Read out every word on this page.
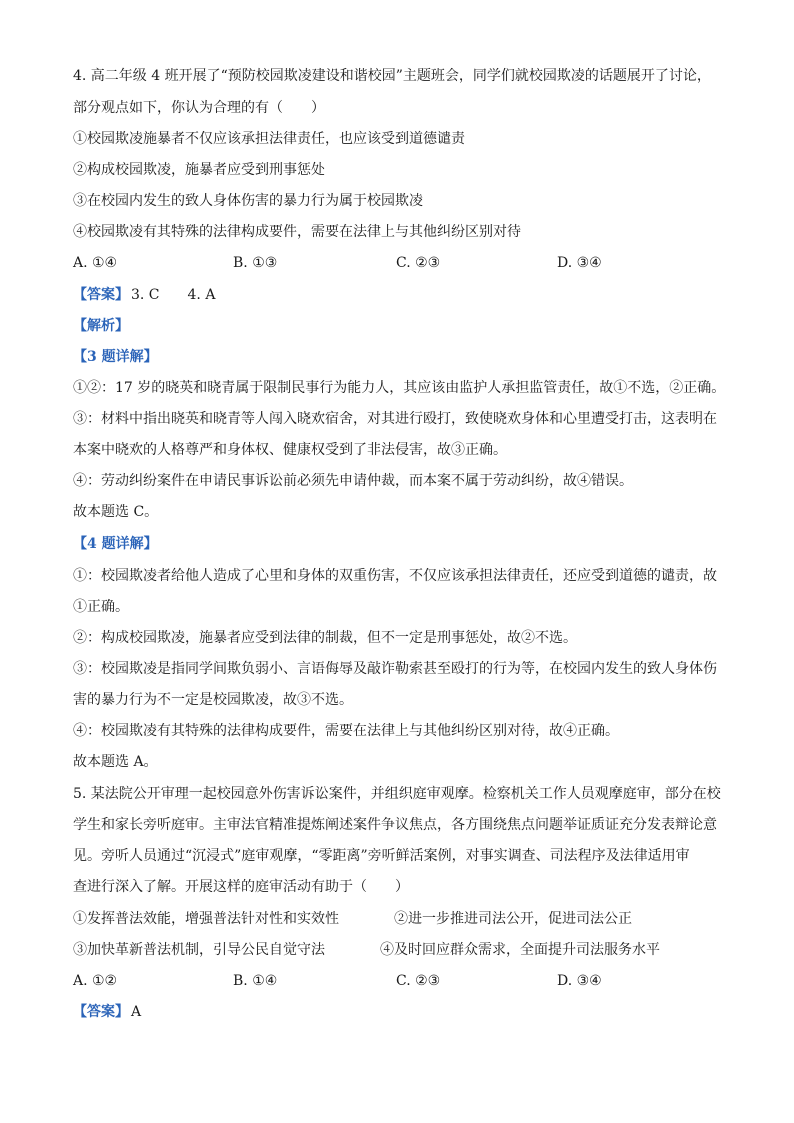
4. 高二年级 4 班开展了“预防校园欺凌建设和谐校园”主题班会，同学们就校园欺凌的话题展开了讨论，
部分观点如下，你认为合理的有（　　）
①校园欺凌施暴者不仅应该承担法律责任，也应该受到道德谴责
②构成校园欺凌，施暴者应受到刑事惩处
③在校园内发生的致人身体伤害的暴力行为属于校园欺凌
④校园欺凌有其特殊的法律构成要件，需要在法律上与其他纠纷区别对待
A. ①④	B. ①③	C. ②③	D. ③④
【答案】 3. C　　4. A
【解析】
【3 题详解】
①②：17 岁的晓英和晓青属于限制民事行为能力人，其应该由监护人承担监管责任，故①不选，②正确。
③：材料中指出晓英和晓青等人闯入晓欢宿舍，对其进行殴打，致使晓欢身体和心里遭受打击，这表明在
本案中晓欢的人格尊严和身体权、健康权受到了非法侵害，故③正确。
④：劳动纠纷案件在申请民事诉讼前必须先申请仲裁，而本案不属于劳动纠纷，故④错误。
故本题选 C。
【4 题详解】
①：校园欺凌者给他人造成了心里和身体的双重伤害，不仅应该承担法律责任，还应受到道德的谴责，故
①正确。
②：构成校园欺凌，施暴者应受到法律的制裁，但不一定是刑事惩处，故②不选。
③：校园欺凌是指同学间欺负弱小、言语侮辱及敲诈勒索甚至殴打的行为等，在校园内发生的致人身体伤
害的暴力行为不一定是校园欺凌，故③不选。
④：校园欺凌有其特殊的法律构成要件，需要在法律上与其他纠纷区别对待，故④正确。
故本题选 A。
5. 某法院公开审理一起校园意外伤害诉讼案件，并组织庭审观摩。检察机关工作人员观摩庭审，部分在校
学生和家长旁听庭审。主审法官精准提炼阐述案件争议焦点，各方围绕焦点问题举证质证充分发表辩论意
见。旁听人员通过“沉浸式”庭审观摩，“零距离”旁听鲜活案例，对事实调查、司法程序及法律适用审
查进行深入了解。开展这样的庭审活动有助于（　　）
①发挥普法效能，增强普法针对性和实效性	②进一步推进司法公开，促进司法公正
③加快革新普法机制，引导公民自觉守法	④及时回应群众需求，全面提升司法服务水平
A. ①②	B. ①④	C. ②③	D. ③④
【答案】 A
